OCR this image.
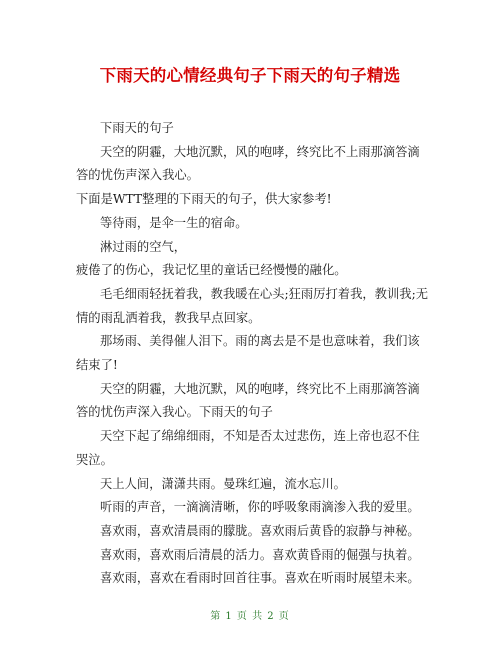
下雨天的心情经典句子下雨天的句子精选

下雨天的句子

天空的阴霾，大地沉默，风的咆哮，终究比不上雨那滴答滴答的忧伤声深入我心。

下面是WTT整理的下雨天的句子，供大家参考!

等待雨，是伞一生的宿命。

淋过雨的空气，

疲倦了的伤心，我记忆里的童话已经慢慢的融化。

毛毛细雨轻抚着我，教我暖在心头;狂雨厉打着我，教训我;无情的雨乱洒着我，教我早点回家。

那场雨、美得催人泪下。雨的离去是不是也意味着，我们该结束了!

天空的阴霾，大地沉默，风的咆哮，终究比不上雨那滴答滴答的忧伤声深入我心。下雨天的句子

天空下起了绵绵细雨，不知是否太过悲伤，连上帝也忍不住哭泣。

天上人间，潇潇共雨。曼珠红遍，流水忘川。

听雨的声音，一滴滴清晰，你的呼吸象雨滴渗入我的爱里。

喜欢雨，喜欢清晨雨的朦胧。喜欢雨后黄昏的寂静与神秘。

喜欢雨，喜欢雨后清晨的活力。喜欢黄昏雨的倔强与执着。

喜欢雨，喜欢在看雨时回首往事。喜欢在听雨时展望未来。

第 1 页 共 2 页
